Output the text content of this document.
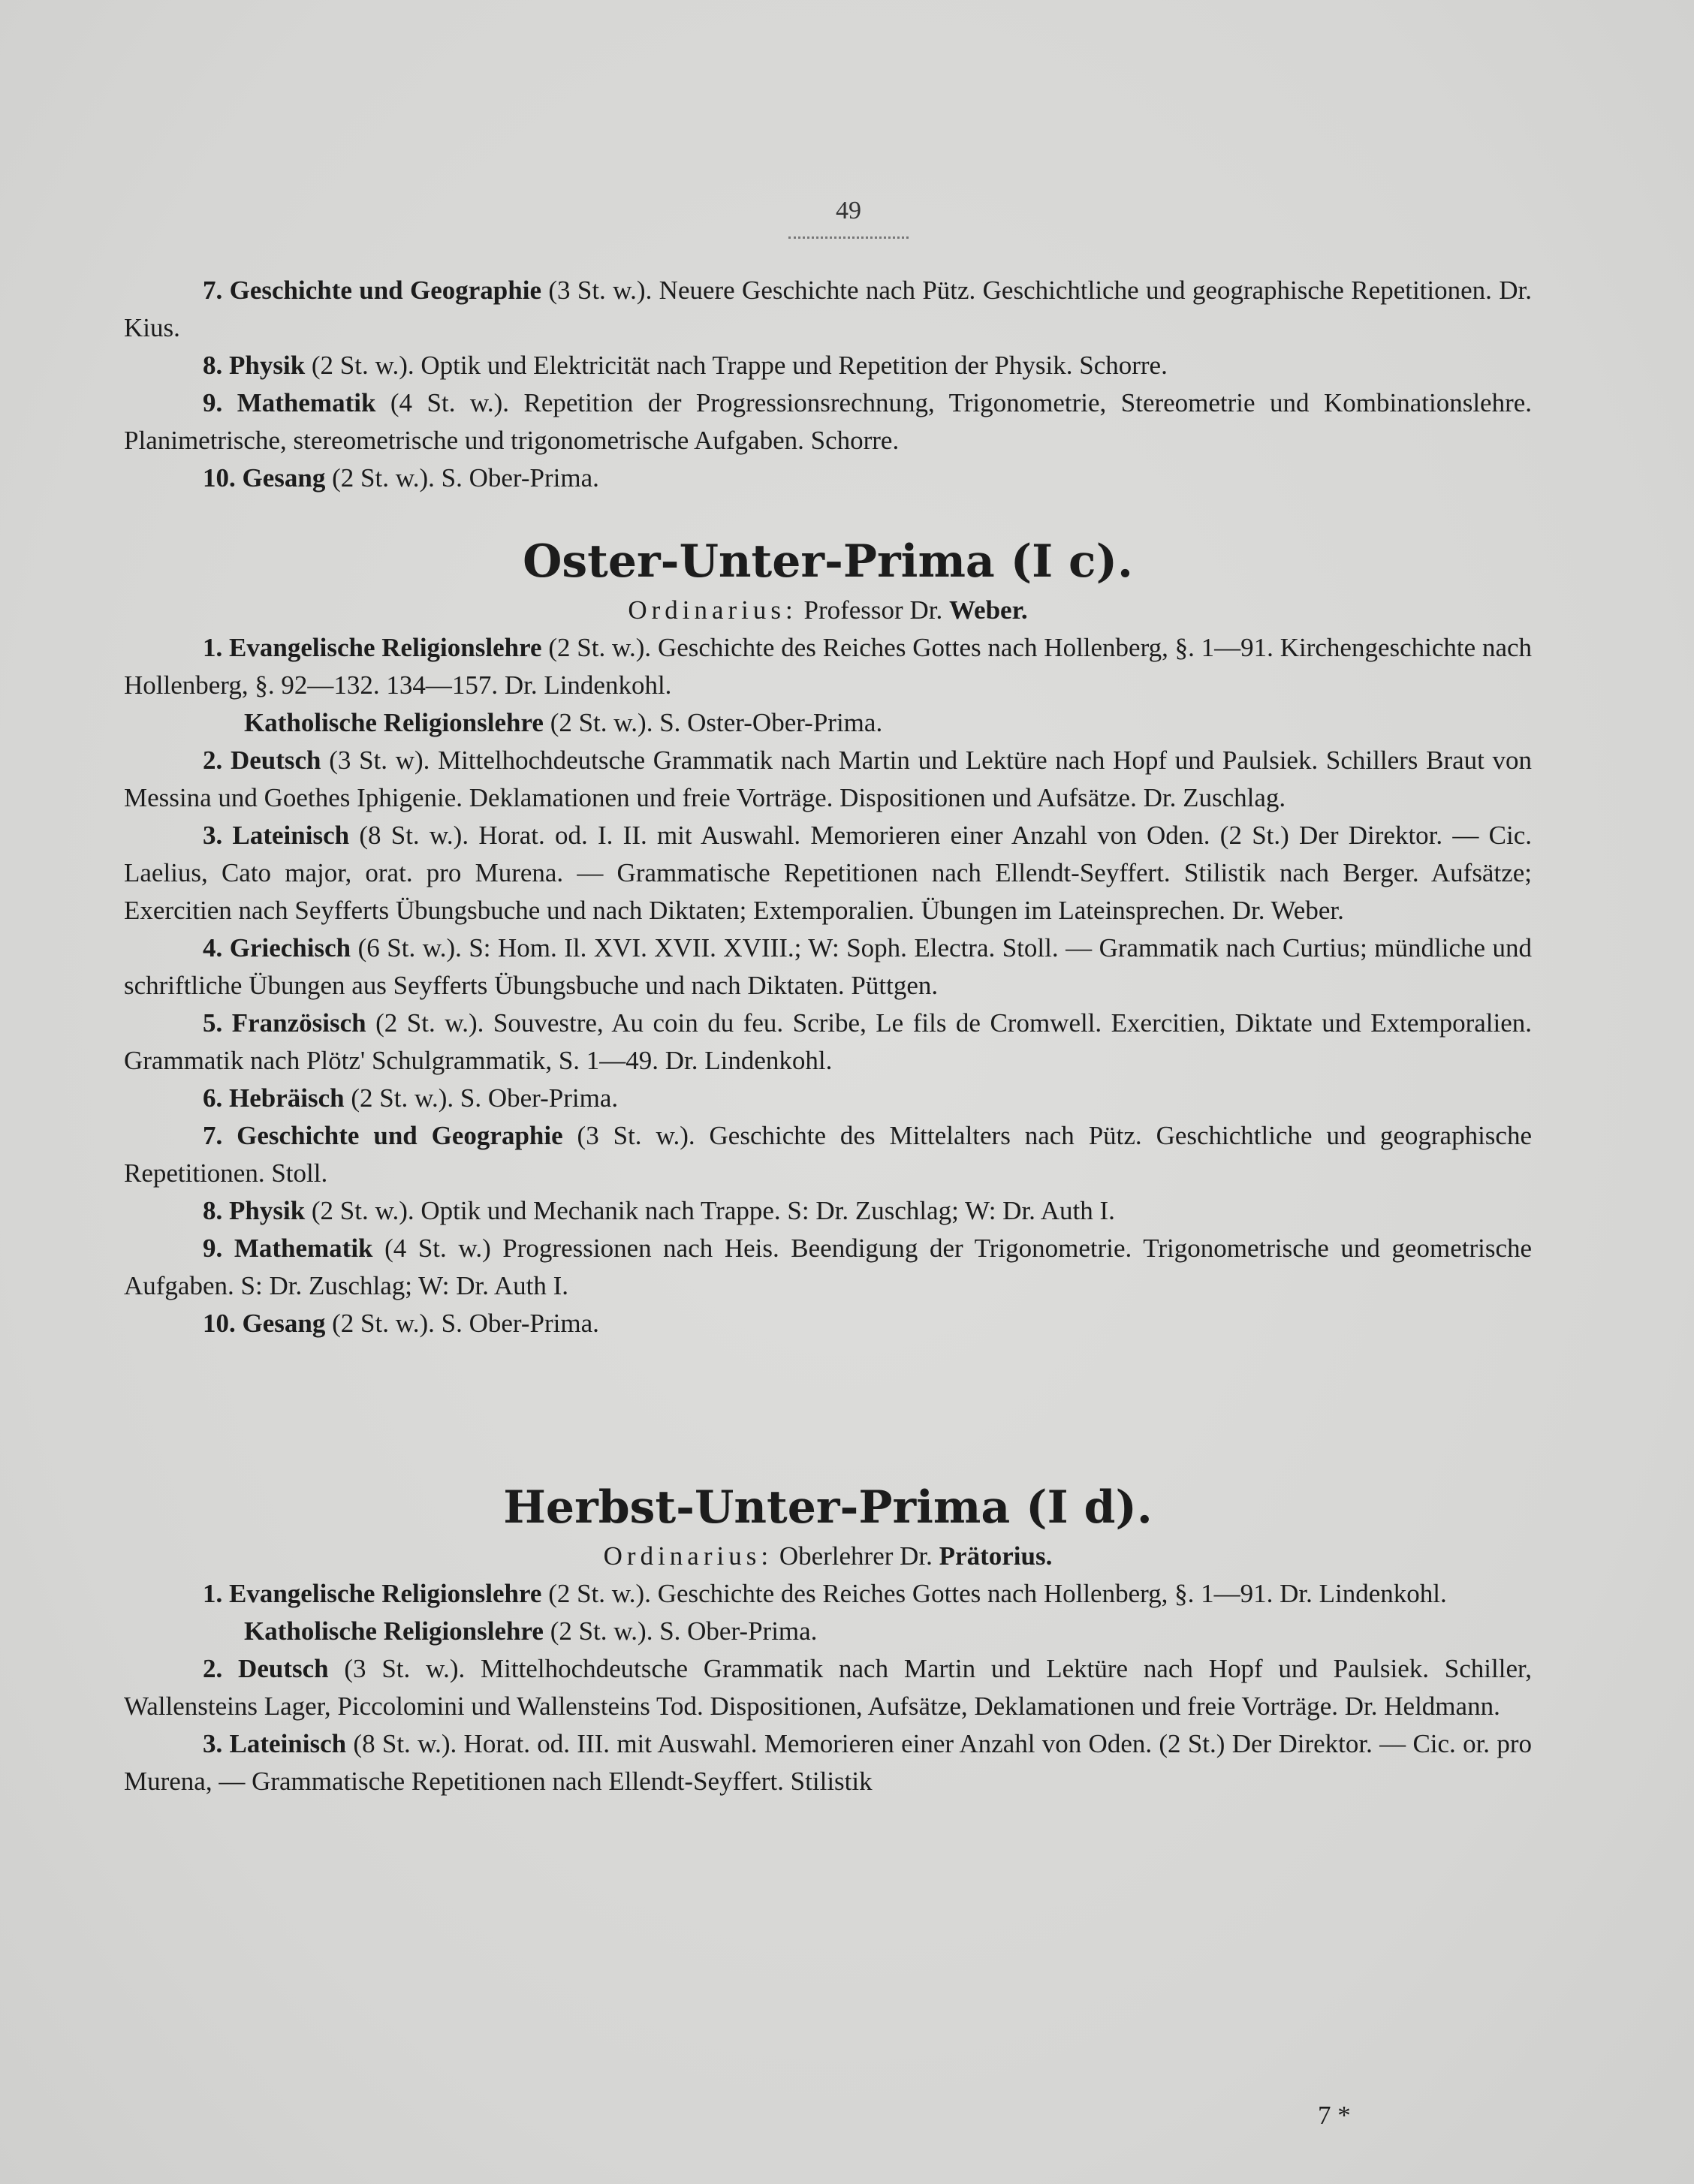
49

7. Geschichte und Geographie (3 St. w.). Neuere Geschichte nach Pütz. Geschichtliche und geographische Repetitionen. Dr. Kius.

8. Physik (2 St. w.). Optik und Elektricität nach Trappe und Repetition der Physik. Schorre.

9. Mathematik (4 St. w.). Repetition der Progressionsrechnung, Trigonometrie, Stereometrie und Kombinationslehre. Planimetrische, stereometrische und trigonometrische Aufgaben. Schorre.

10. Gesang (2 St. w.). S. Ober-Prima.

Oster-Unter-Prima (I c).

Ordinarius: Professor Dr. Weber.

1. Evangelische Religionslehre (2 St. w.). Geschichte des Reiches Gottes nach Hollenberg, §. 1—91. Kirchengeschichte nach Hollenberg, §. 92—132. 134—157. Dr. Lindenkohl.

Katholische Religionslehre (2 St. w.). S. Oster-Ober-Prima.

2. Deutsch (3 St. w). Mittelhochdeutsche Grammatik nach Martin und Lektüre nach Hopf und Paulsiek. Schillers Braut von Messina und Goethes Iphigenie. Deklamationen und freie Vorträge. Dispositionen und Aufsätze. Dr. Zuschlag.

3. Lateinisch (8 St. w.). Horat. od. I. II. mit Auswahl. Memorieren einer Anzahl von Oden. (2 St.) Der Direktor. — Cic. Laelius, Cato major, orat. pro Murena. — Grammatische Repetitionen nach Ellendt-Seyffert. Stilistik nach Berger. Aufsätze; Exercitien nach Seyfferts Übungsbuche und nach Diktaten; Extemporalien. Übungen im Lateinsprechen. Dr. Weber.

4. Griechisch (6 St. w.). S: Hom. Il. XVI. XVII. XVIII.; W: Soph. Electra. Stoll. — Grammatik nach Curtius; mündliche und schriftliche Übungen aus Seyfferts Übungsbuche und nach Diktaten. Püttgen.

5. Französisch (2 St. w.). Souvestre, Au coin du feu. Scribe, Le fils de Cromwell. Exercitien, Diktate und Extemporalien. Grammatik nach Plötz' Schulgrammatik, S. 1—49. Dr. Lindenkohl.

6. Hebräisch (2 St. w.). S. Ober-Prima.

7. Geschichte und Geographie (3 St. w.). Geschichte des Mittelalters nach Pütz. Geschichtliche und geographische Repetitionen. Stoll.

8. Physik (2 St. w.). Optik und Mechanik nach Trappe. S: Dr. Zuschlag; W: Dr. Auth I.

9. Mathematik (4 St. w.) Progressionen nach Heis. Beendigung der Trigonometrie. Trigonometrische und geometrische Aufgaben. S: Dr. Zuschlag; W: Dr. Auth I.

10. Gesang (2 St. w.). S. Ober-Prima.

Herbst-Unter-Prima (I d).

Ordinarius: Oberlehrer Dr. Prätorius.

1. Evangelische Religionslehre (2 St. w.). Geschichte des Reiches Gottes nach Hollenberg, §. 1—91. Dr. Lindenkohl.

Katholische Religionslehre (2 St. w.). S. Ober-Prima.

2. Deutsch (3 St. w.). Mittelhochdeutsche Grammatik nach Martin und Lektüre nach Hopf und Paulsiek. Schiller, Wallensteins Lager, Piccolomini und Wallensteins Tod. Dispositionen, Aufsätze, Deklamationen und freie Vorträge. Dr. Heldmann.

3. Lateinisch (8 St. w.). Horat. od. III. mit Auswahl. Memorieren einer Anzahl von Oden. (2 St.) Der Direktor. — Cic. or. pro Murena, — Grammatische Repetitionen nach Ellendt-Seyffert. Stilistik

7 *
